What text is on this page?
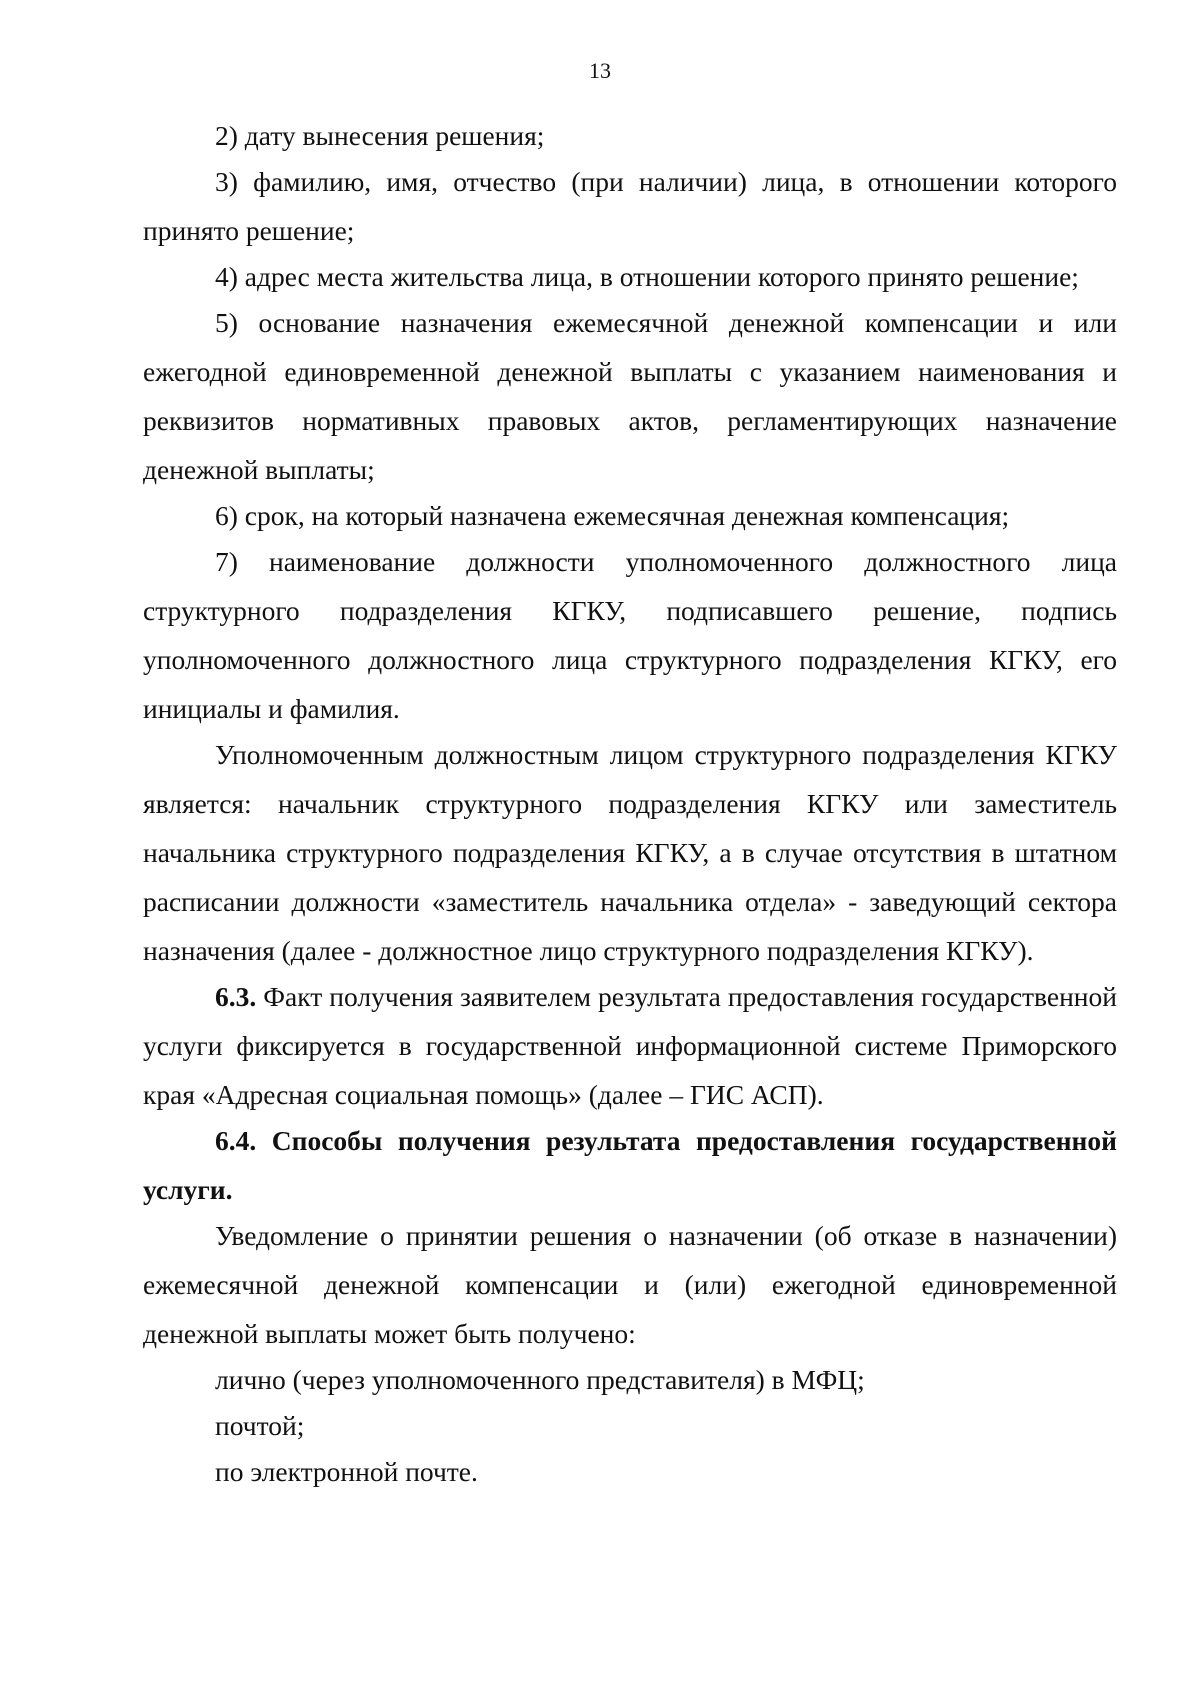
13

2) дату вынесения решения;

3) фамилию, имя, отчество (при наличии) лица, в отношении которого принято решение;

4) адрес места жительства лица, в отношении которого принято решение;

5) основание назначения ежемесячной денежной компенсации и или ежегодной единовременной денежной выплаты с указанием наименования и реквизитов нормативных правовых актов, регламентирующих назначение денежной выплаты;

6) срок, на который назначена ежемесячная денежная компенсация;

7) наименование должности уполномоченного должностного лица структурного подразделения КГКУ, подписавшего решение, подпись уполномоченного должностного лица структурного подразделения КГКУ, его инициалы и фамилия.

Уполномоченным должностным лицом структурного подразделения КГКУ является: начальник структурного подразделения КГКУ или заместитель начальника структурного подразделения КГКУ, а в случае отсутствия в штатном расписании должности «заместитель начальника отдела» - заведующий сектора назначения (далее - должностное лицо структурного подразделения КГКУ).

6.3. Факт получения заявителем результата предоставления государственной услуги фиксируется в государственной информационной системе Приморского края «Адресная социальная помощь» (далее – ГИС АСП).

6.4. Способы получения результата предоставления государственной услуги.

Уведомление о принятии решения о назначении (об отказе в назначении) ежемесячной денежной компенсации и (или) ежегодной единовременной денежной выплаты может быть получено:

лично (через уполномоченного представителя) в МФЦ;

почтой;

по электронной почте.
